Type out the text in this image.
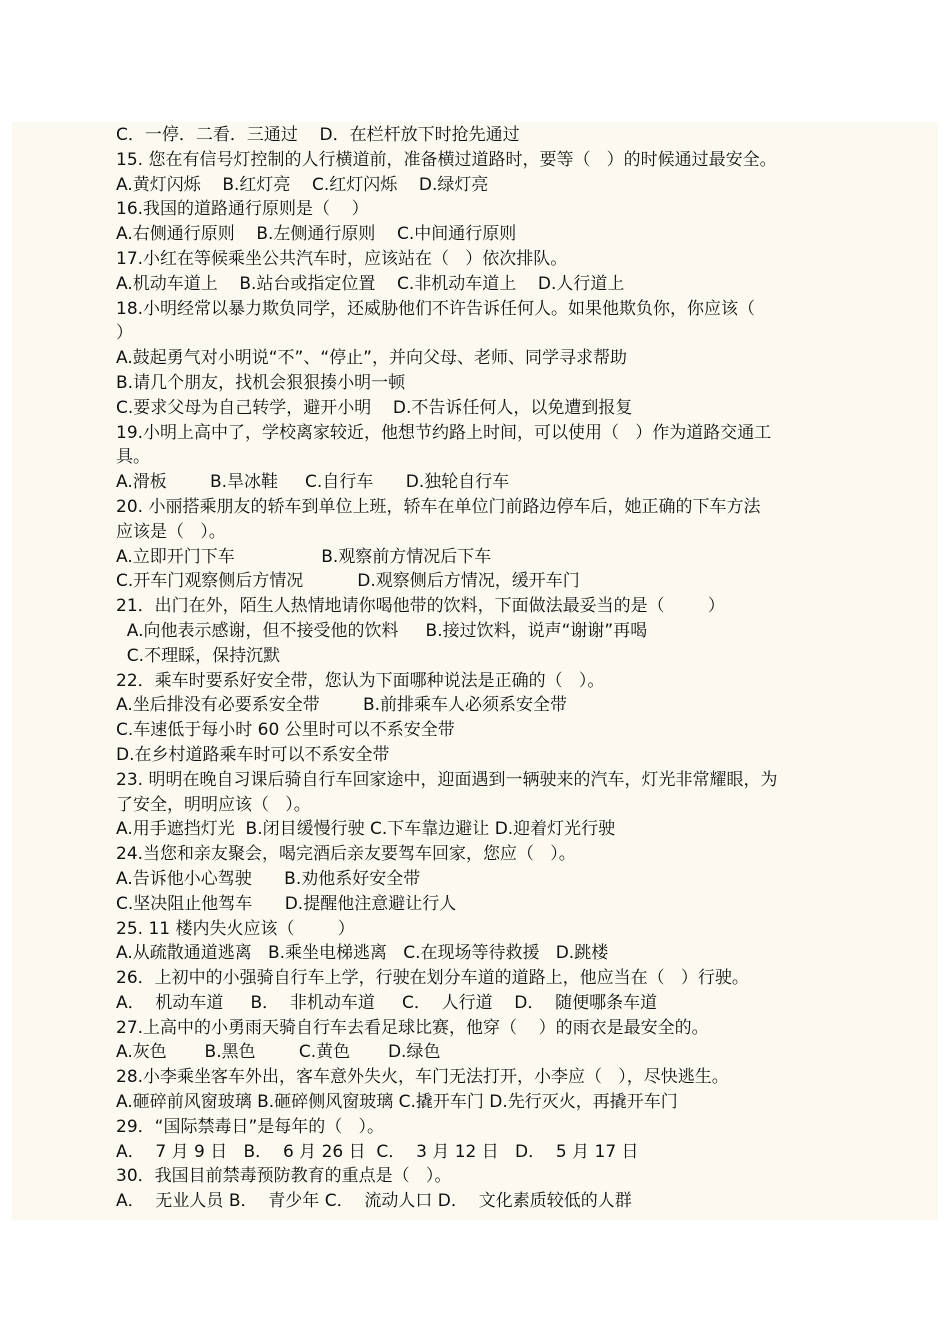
C．一停．二看．三通过    D．在栏杆放下时抢先通过
15. 您在有信号灯控制的人行横道前，准备横过道路时，要等（   ）的时候通过最安全。
A.黄灯闪烁    B.红灯亮    C.红灯闪烁    D.绿灯亮
16.我国的道路通行原则是（    ）
A.右侧通行原则    B.左侧通行原则    C.中间通行原则
17.小红在等候乘坐公共汽车时，应该站在（   ）依次排队。
A.机动车道上    B.站台或指定位置    C.非机动车道上    D.人行道上
18.小明经常以暴力欺负同学，还威胁他们不许告诉任何人。如果他欺负你，你应该（
）
A.鼓起勇气对小明说“不”、“停止”，并向父母、老师、同学寻求帮助
B.请几个朋友，找机会狠狠揍小明一顿
C.要求父母为自己转学，避开小明    D.不告诉任何人，以免遭到报复
19.小明上高中了，学校离家较近，他想节约路上时间，可以使用（   ）作为道路交通工
具。
A.滑板        B.旱冰鞋     C.自行车      D.独轮自行车
20. 小丽搭乘朋友的轿车到单位上班，轿车在单位门前路边停车后，她正确的下车方法
应该是（   ）。
A.立即开门下车                B.观察前方情况后下车
C.开车门观察侧后方情况          D.观察侧后方情况，缓开车门
21．出门在外，陌生人热情地请你喝他带的饮料，下面做法最妥当的是（        ）
A.向他表示感谢，但不接受他的饮料     B.接过饮料，说声“谢谢”再喝
C.不理睬，保持沉默
22．乘车时要系好安全带，您认为下面哪种说法是正确的（   ）。
A.坐后排没有必要系安全带        B.前排乘车人必须系安全带
C.车速低于每小时 60 公里时可以不系安全带
D.在乡村道路乘车时可以不系安全带
23. 明明在晚自习课后骑自行车回家途中，迎面遇到一辆驶来的汽车，灯光非常耀眼，为
了安全，明明应该（   ）。
A.用手遮挡灯光  B.闭目缓慢行驶 C.下车靠边避让 D.迎着灯光行驶
24.当您和亲友聚会，喝完酒后亲友要驾车回家，您应（   ）。
A.告诉他小心驾驶      B.劝他系好安全带
C.坚决阻止他驾车      D.提醒他注意避让行人
25. 11 楼内失火应该（        ）
A.从疏散通道逃离   B.乘坐电梯逃离   C.在现场等待救援   D.跳楼
26．上初中的小强骑自行车上学，行驶在划分车道的道路上，他应当在（   ）行驶。
A．  机动车道     B．  非机动车道     C．  人行道    D．  随便哪条车道
27.上高中的小勇雨天骑自行车去看足球比赛，他穿（    ）的雨衣是最安全的。
A.灰色       B.黑色        C.黄色       D.绿色
28.小李乘坐客车外出，客车意外失火，车门无法打开，小李应（   ），尽快逃生。
A.砸碎前风窗玻璃 B.砸碎侧风窗玻璃 C.撬开车门 D.先行灭火，再撬开车门
29．“国际禁毒日”是每年的（   ）。
A．  7 月 9 日   B．  6 月 26 日  C．  3 月 12 日   D．  5 月 17 日
30．我国目前禁毒预防教育的重点是（   ）。
A．  无业人员 B．  青少年 C．  流动人口 D．  文化素质较低的人群
